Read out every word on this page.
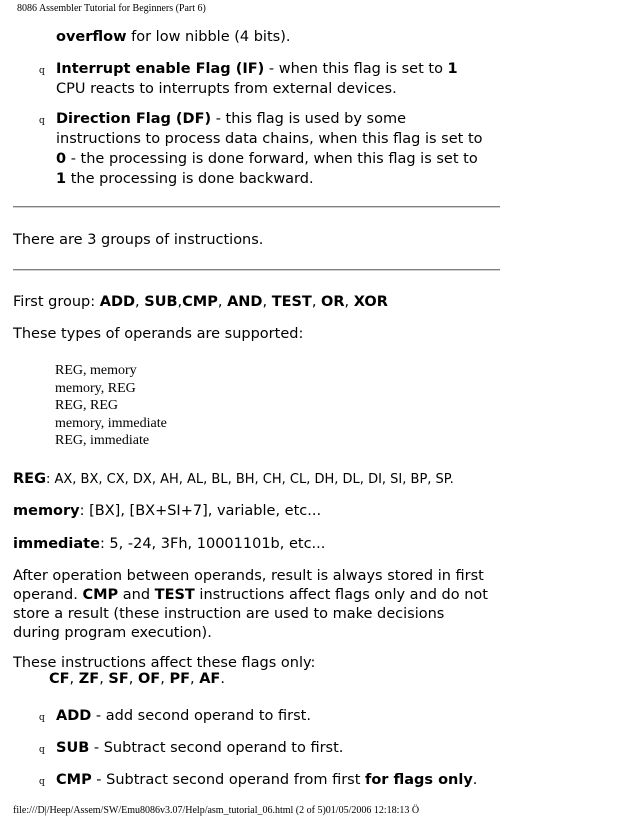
8086 Assembler Tutorial for Beginners (Part 6)
overflow for low nibble (4 bits).
q Interrupt enable Flag (IF) - when this flag is set to 1
CPU reacts to interrupts from external devices.
q Direction Flag (DF) - this flag is used by some
instructions to process data chains, when this flag is set to
0 - the processing is done forward, when this flag is set to
1 the processing is done backward.
There are 3 groups of instructions.
First group: ADD, SUB,CMP, AND, TEST, OR, XOR
These types of operands are supported:
REG, memory
memory, REG
REG, REG
memory, immediate
REG, immediate
REG: AX, BX, CX, DX, AH, AL, BL, BH, CH, CL, DH, DL, DI, SI, BP, SP.
memory: [BX], [BX+SI+7], variable, etc...
immediate: 5, -24, 3Fh, 10001101b, etc...
After operation between operands, result is always stored in first
operand. CMP and TEST instructions affect flags only and do not
store a result (these instruction are used to make decisions
during program execution).
These instructions affect these flags only:
CF, ZF, SF, OF, PF, AF.
q ADD - add second operand to first.
q SUB - Subtract second operand to first.
q CMP - Subtract second operand from first for flags only.
file:///D|/Heep/Assem/SW/Emu8086v3.07/Help/asm_tutorial_06.html (2 of 5)01/05/2006 12:18:13 Ö
